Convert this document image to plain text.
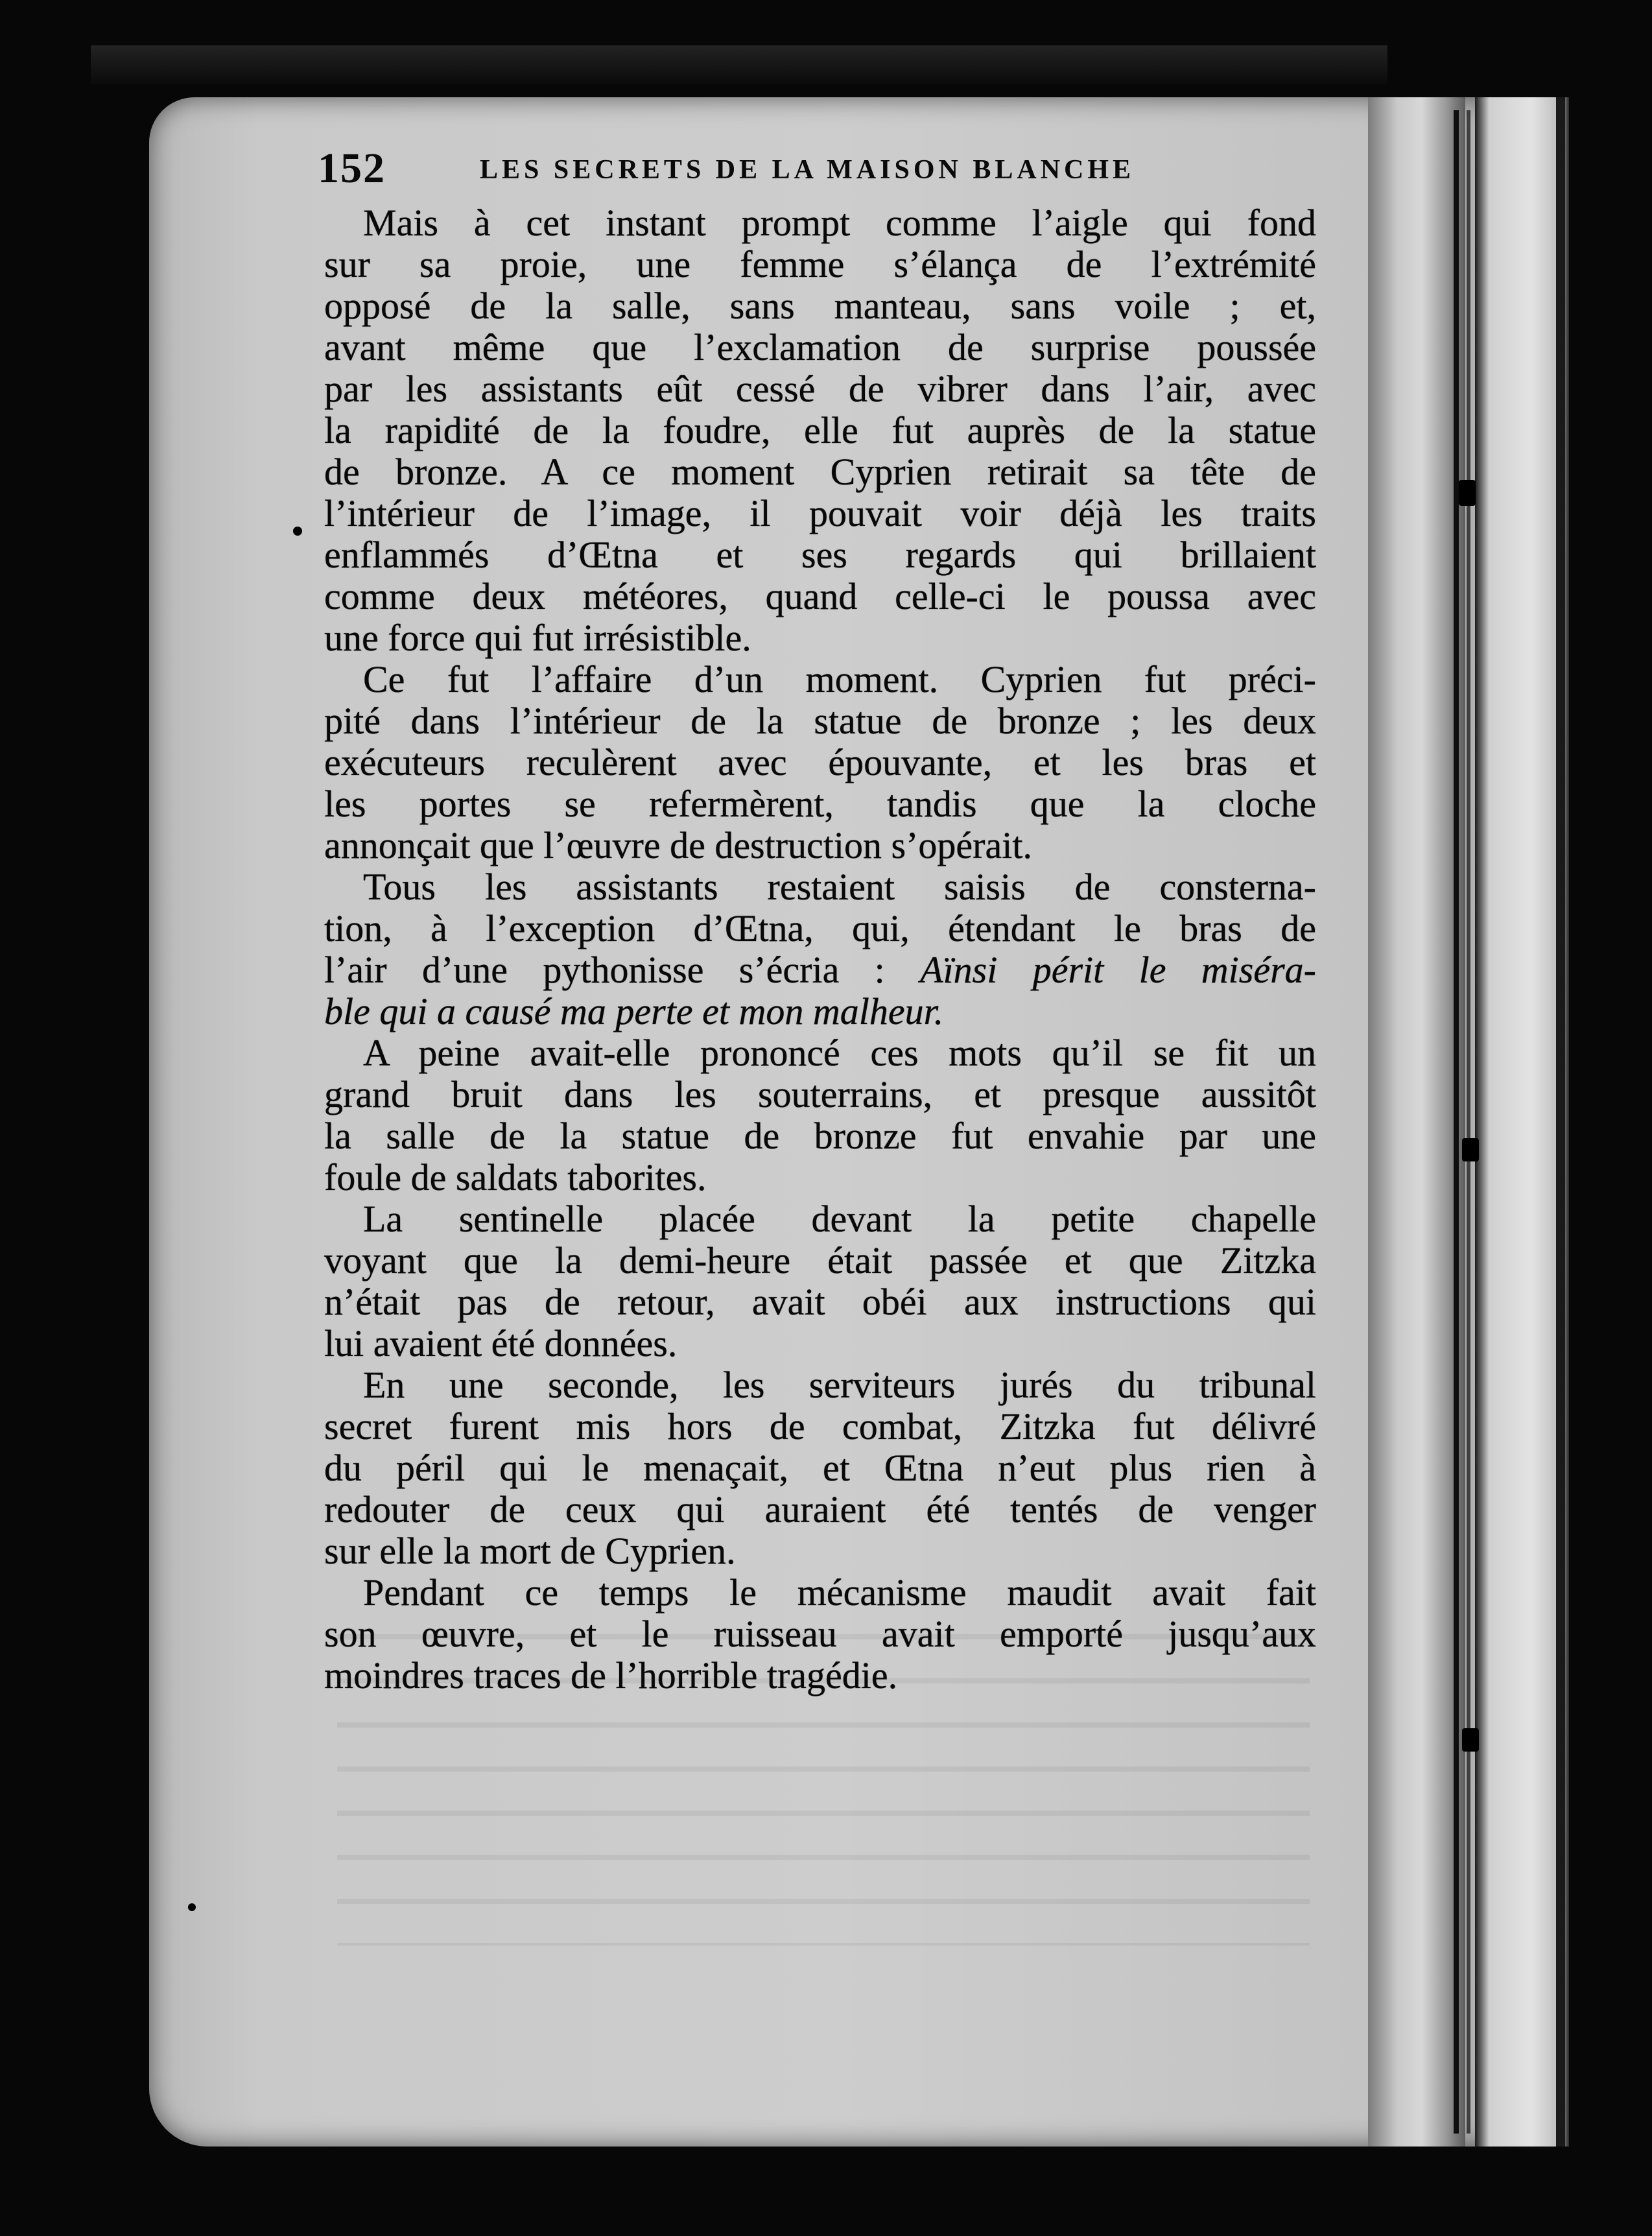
152	LES SECRETS DE LA MAISON BLANCHE
Mais à cet instant prompt comme l’aigle qui fond
sur sa proie, une femme s’élança de l’extrémité
opposé de la salle, sans manteau, sans voile ; et,
avant même que l’exclamation de surprise poussée
par les assistants eût cessé de vibrer dans l’air, avec
la rapidité de la foudre, elle fut auprès de la statue
de bronze. A ce moment Cyprien retirait sa tête de
l’intérieur de l’image, il pouvait voir déjà les traits
enflammés d’Œtna et ses regards qui brillaient
comme deux météores, quand celle-ci le poussa avec
une force qui fut irrésistible.
Ce fut l’affaire d’un moment. Cyprien fut préci-
pité dans l’intérieur de la statue de bronze ; les deux
exécuteurs reculèrent avec épouvante, et les bras et
les portes se refermèrent, tandis que la cloche
annonçait que l’œuvre de destruction s’opérait.
Tous les assistants restaient saisis de consterna-
tion, à l’exception d’Œtna, qui, étendant le bras de
l’air d’une pythonisse s’écria : Aïnsi périt le miséra-
ble qui a causé ma perte et mon malheur.
A peine avait-elle prononcé ces mots qu’il se fit un
grand bruit dans les souterrains, et presque aussitôt
la salle de la statue de bronze fut envahie par une
foule de saldats taborites.
La sentinelle placée devant la petite chapelle
voyant que la demi-heure était passée et que Zitzka
n’était pas de retour, avait obéi aux instructions qui
lui avaient été données.
En une seconde, les serviteurs jurés du tribunal
secret furent mis hors de combat, Zitzka fut délivré
du péril qui le menaçait, et Œtna n’eut plus rien à
redouter de ceux qui auraient été tentés de venger
sur elle la mort de Cyprien.
Pendant ce temps le mécanisme maudit avait fait
son œuvre, et le ruisseau avait emporté jusqu’aux
moindres traces de l’horrible tragédie.
